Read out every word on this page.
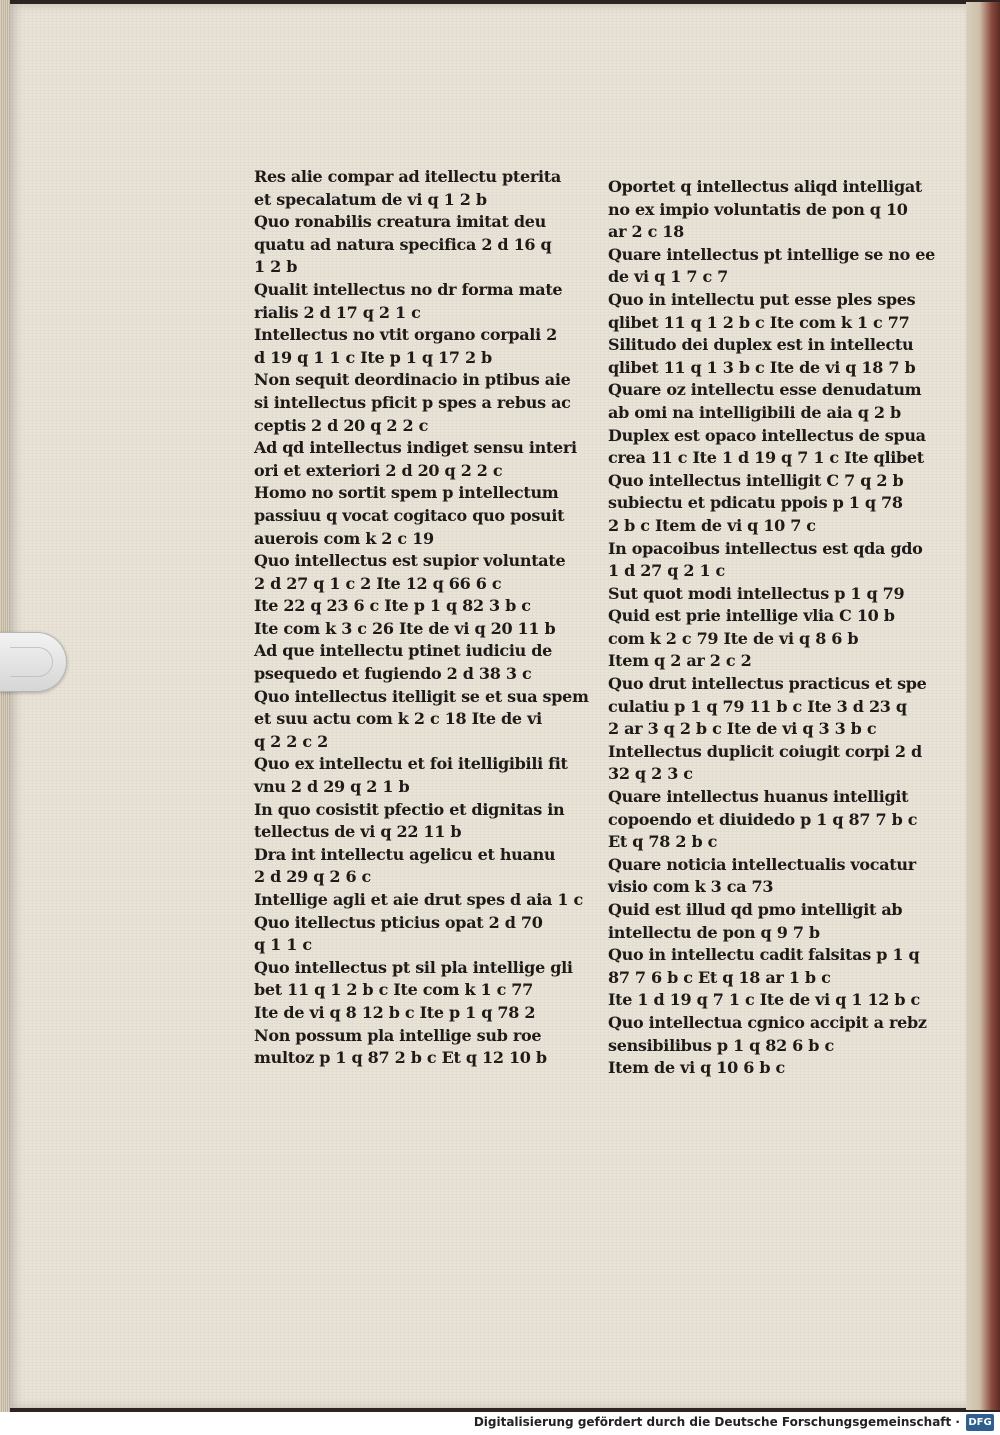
Res alie compar ad itellectu pterita
et specalatum de vi q 1 2 b
Quo ronabilis creatura imitat deu
quatu ad natura specifica 2 d 16 q
1 2 b
Qualit intellectus no dr forma mate
rialis 2 d 17 q 2 1 c
Intellectus no vtit organo corpali 2
d 19 q 1 1 c Ite p 1 q 17 2 b
Non sequit deordinacio in ptibus aie
si intellectus pficit p spes a rebus ac
ceptis 2 d 20 q 2 2 c
Ad qd intellectus indiget sensu interi
ori et exteriori 2 d 20 q 2 2 c
Homo no sortit spem p intellectum
passiuu q vocat cogitaco quo posuit
auerois com k 2 c 19
Quo intellectus est supior voluntate
2 d 27 q 1 c 2 Ite 12 q 66 6 c
Ite 22 q 23 6 c Ite p 1 q 82 3 b c
Ite com k 3 c 26 Ite de vi q 20 11 b
Ad que intellectu ptinet iudiciu de
psequedo et fugiendo 2 d 38 3 c
Quo intellectus itelligit se et sua spem
et suu actu com k 2 c 18 Ite de vi
q 2 2 c 2
Quo ex intellectu et foi itelligibili fit
vnu 2 d 29 q 2 1 b
In quo cosistit pfectio et dignitas in
tellectus de vi q 22 11 b
Dra int intellectu agelicu et huanu
2 d 29 q 2 6 c
Intellige agli et aie drut spes d aia 1 c
Quo itellectus pticius opat 2 d 70
q 1 1 c
Quo intellectus pt sil pla intellige gli
bet 11 q 1 2 b c Ite com k 1 c 77
Ite de vi q 8 12 b c Ite p 1 q 78 2
Non possum pla intellige sub roe
multoz p 1 q 87 2 b c Et q 12 10 b
Oportet q intellectus aliqd intelligat
no ex impio voluntatis de pon q 10
ar 2 c 18
Quare intellectus pt intellige se no ee
de vi q 1 7 c 7
Quo in intellectu put esse ples spes
qlibet 11 q 1 2 b c Ite com k 1 c 77
Silitudo dei duplex est in intellectu
qlibet 11 q 1 3 b c Ite de vi q 18 7 b
Quare oz intellectu esse denudatum
ab omi na intelligibili de aia q 2 b
Duplex est opaco intellectus de spua
crea 11 c Ite 1 d 19 q 7 1 c Ite qlibet
Quo intellectus intelligit C 7 q 2 b
subiectu et pdicatu ppois p 1 q 78
2 b c Item de vi q 10 7 c
In opacoibus intellectus est qda gdo
1 d 27 q 2 1 c
Sut quot modi intellectus p 1 q 79
Quid est prie intellige vlia C 10 b
com k 2 c 79 Ite de vi q 8 6 b
Item q 2 ar 2 c 2
Quo drut intellectus practicus et spe
culatiu p 1 q 79 11 b c Ite 3 d 23 q
2 ar 3 q 2 b c Ite de vi q 3 3 b c
Intellectus duplicit coiugit corpi 2 d
32 q 2 3 c
Quare intellectus huanus intelligit
copoendo et diuidedo p 1 q 87 7 b c
Et q 78 2 b c
Quare noticia intellectualis vocatur
visio com k 3 ca 73
Quid est illud qd pmo intelligit ab
intellectu de pon q 9 7 b
Quo in intellectu cadit falsitas p 1 q
87 7 6 b c Et q 18 ar 1 b c
Ite 1 d 19 q 7 1 c Ite de vi q 1 12 b c
Quo intellectua cgnico accipit a rebz
sensibilibus p 1 q 82 6 b c
Item de vi q 10 6 b c
Digitalisierung gefördert durch die Deutsche Forschungsgemeinschaft · DFG
